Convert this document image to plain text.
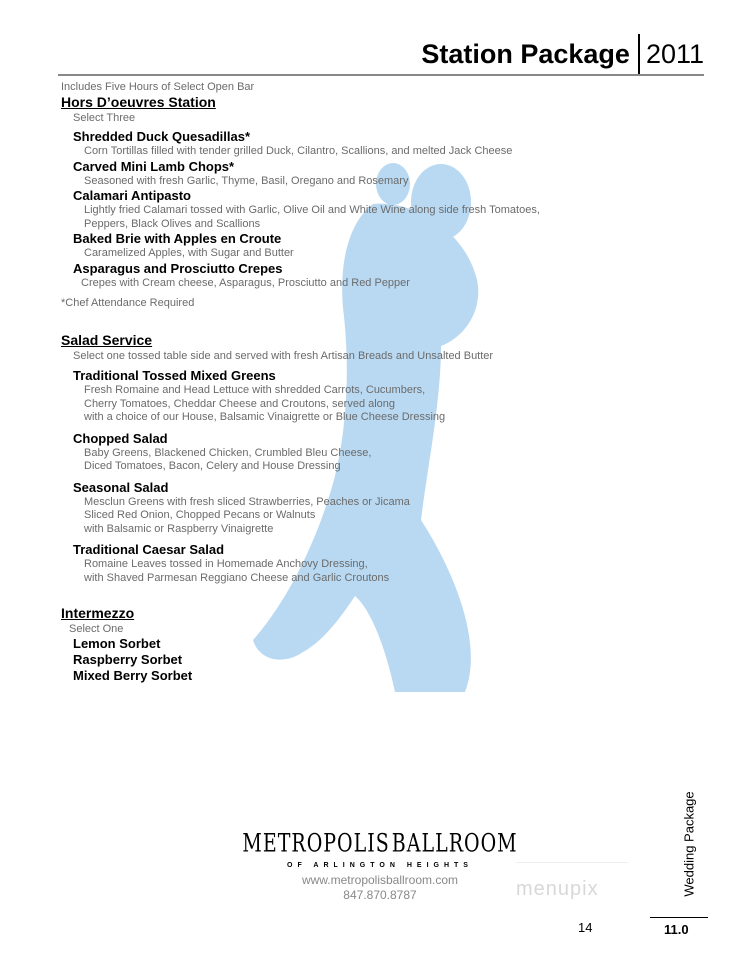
Station Package 2011
Includes Five Hours of Select Open Bar
Hors D’oeuvres Station
Select Three
Shredded Duck Quesadillas*
Corn Tortillas filled with tender grilled Duck, Cilantro, Scallions, and melted Jack Cheese
Carved Mini Lamb Chops*
Seasoned with fresh Garlic, Thyme, Basil, Oregano and Rosemary
Calamari Antipasto
Lightly fried Calamari tossed with Garlic, Olive Oil and White Wine along side fresh Tomatoes,
Peppers, Black Olives and Scallions
Baked Brie with Apples en Croute
Caramelized Apples, with Sugar and Butter
Asparagus and Prosciutto Crepes
Crepes with Cream cheese, Asparagus, Prosciutto and Red Pepper
*Chef Attendance Required
Salad Service
Select one tossed table side and served with fresh Artisan Breads and Unsalted Butter
Traditional Tossed Mixed Greens
Fresh Romaine and Head Lettuce with shredded Carrots, Cucumbers,
Cherry Tomatoes, Cheddar Cheese and Croutons, served along
with a choice of our House, Balsamic Vinaigrette or Blue Cheese Dressing
Chopped Salad
Baby Greens, Blackened Chicken, Crumbled Bleu Cheese,
Diced Tomatoes, Bacon, Celery and House Dressing
Seasonal Salad
Mesclun Greens with fresh sliced Strawberries, Peaches or Jicama
Sliced Red Onion, Chopped Pecans or Walnuts
with Balsamic or Raspberry Vinaigrette
Traditional Caesar Salad
Romaine Leaves tossed in Homemade Anchovy Dressing,
with Shaved Parmesan Reggiano Cheese and Garlic Croutons
Intermezzo
Select One
Lemon Sorbet
Raspberry Sorbet
Mixed Berry Sorbet
METROPOLIS BALLROOM
OF ARLINGTON HEIGHTS
www.metropolisballroom.com
847.870.8787	menupix
14
Wedding Package
11.0
